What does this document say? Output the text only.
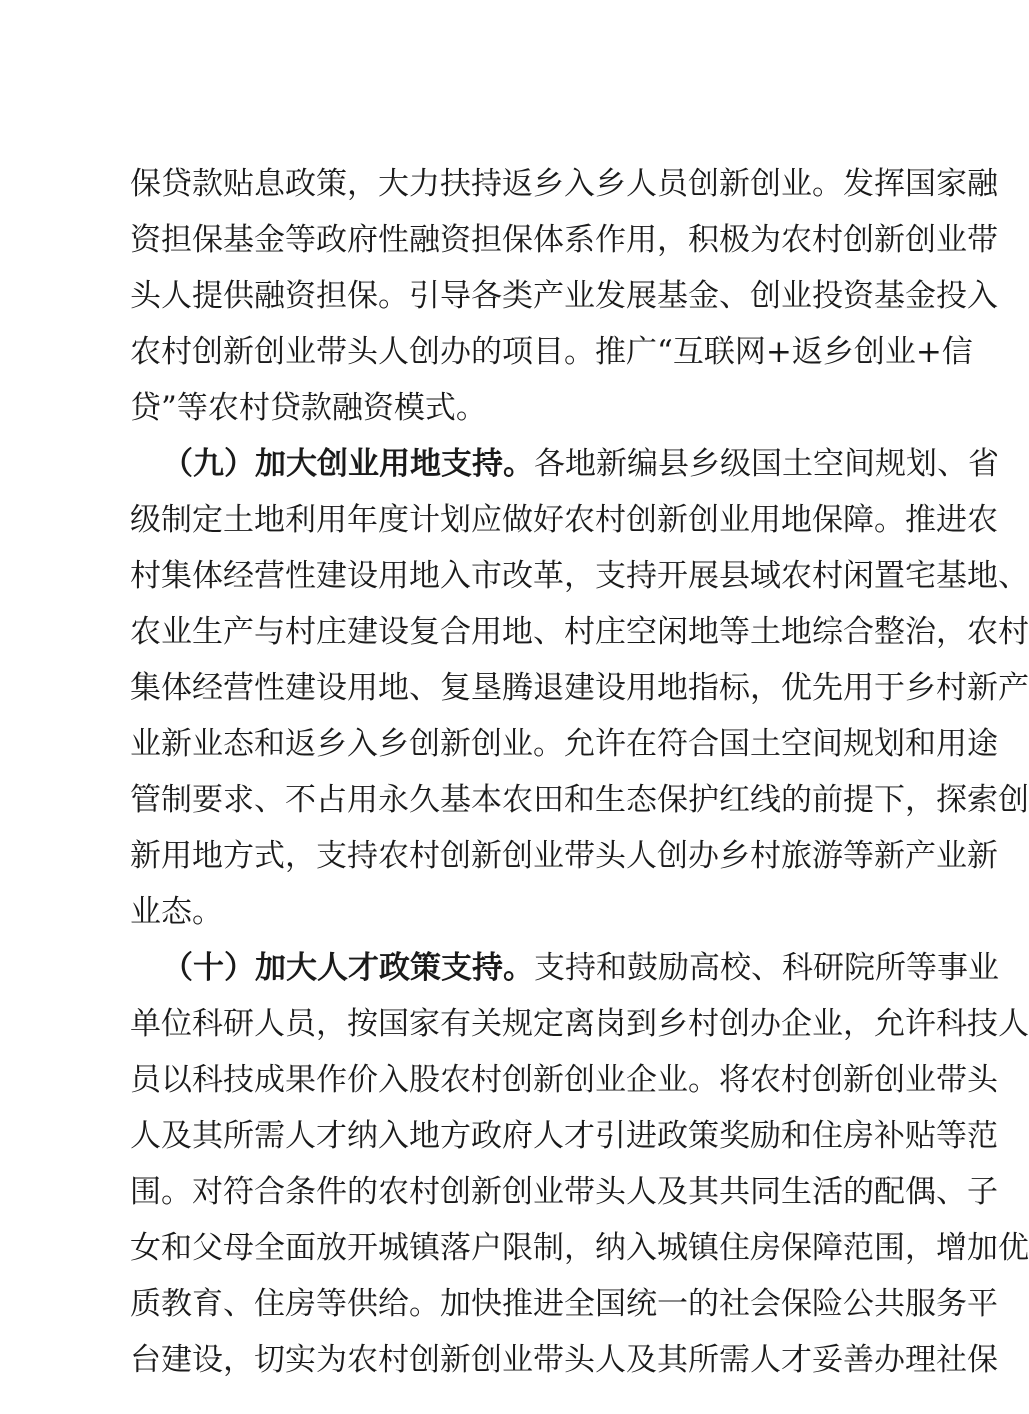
保贷款贴息政策，大力扶持返乡入乡人员创新创业。发挥国家融
资担保基金等政府性融资担保体系作用，积极为农村创新创业带
头人提供融资担保。引导各类产业发展基金、创业投资基金投入
农村创新创业带头人创办的项目。推广“互联网+返乡创业+信
贷”等农村贷款融资模式。
（九）加大创业用地支持。各地新编县乡级国土空间规划、省
级制定土地利用年度计划应做好农村创新创业用地保障。推进农
村集体经营性建设用地入市改革，支持开展县域农村闲置宅基地、
农业生产与村庄建设复合用地、村庄空闲地等土地综合整治，农村
集体经营性建设用地、复垦腾退建设用地指标，优先用于乡村新产
业新业态和返乡入乡创新创业。允许在符合国土空间规划和用途
管制要求、不占用永久基本农田和生态保护红线的前提下，探索创
新用地方式，支持农村创新创业带头人创办乡村旅游等新产业新
业态。
（十）加大人才政策支持。支持和鼓励高校、科研院所等事业
单位科研人员，按国家有关规定离岗到乡村创办企业，允许科技人
员以科技成果作价入股农村创新创业企业。将农村创新创业带头
人及其所需人才纳入地方政府人才引进政策奖励和住房补贴等范
围。对符合条件的农村创新创业带头人及其共同生活的配偶、子
女和父母全面放开城镇落户限制，纳入城镇住房保障范围，增加优
质教育、住房等供给。加快推进全国统一的社会保险公共服务平
台建设，切实为农村创新创业带头人及其所需人才妥善办理社保
